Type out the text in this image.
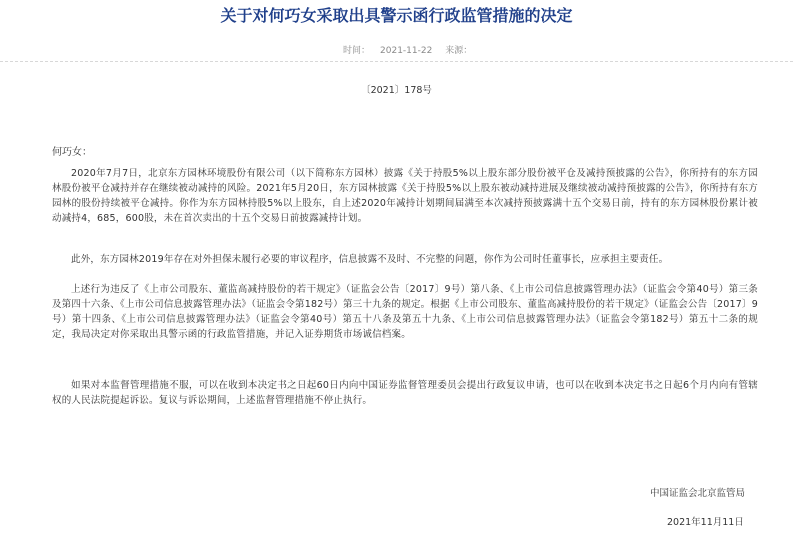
关于对何巧女采取出具警示函行政监管措施的决定
时间： 2021-11-22 来源：
〔2021〕178号
何巧女：

2020年7月7日，北京东方园林环境股份有限公司（以下简称东方园林）披露《关于持股5%以上股东部分股份被平仓及减持预披露的公告》，你所持有的东方园林股份被平仓减持并存在继续被动减持的风险。2021年5月20日，东方园林披露《关于持股5%以上股东被动减持进展及继续被动减持预披露的公告》，你所持有东方园林的股份持续被平仓减持。你作为东方园林持股5%以上股东，自上述2020年减持计划期间届满至本次减持预披露满十五个交易日前，持有的东方园林股份累计被动减持4，685，600股，未在首次卖出的十五个交易日前披露减持计划。

此外，东方园林2019年存在对外担保未履行必要的审议程序，信息披露不及时、不完整的问题，你作为公司时任董事长，应承担主要责任。

上述行为违反了《上市公司股东、董监高减持股份的若干规定》（证监会公告〔2017〕9号）第八条、《上市公司信息披露管理办法》（证监会令第40号）第三条及第四十六条、《上市公司信息披露管理办法》（证监会令第182号）第三十九条的规定。根据《上市公司股东、董监高减持股份的若干规定》（证监会公告〔2017〕9号）第十四条、《上市公司信息披露管理办法》（证监会令第40号）第五十八条及第五十九条、《上市公司信息披露管理办法》（证监会令第182号）第五十二条的规定，我局决定对你采取出具警示函的行政监管措施，并记入证券期货市场诚信档案。

如果对本监督管理措施不服，可以在收到本决定书之日起60日内向中国证券监督管理委员会提出行政复议申请，也可以在收到本决定书之日起6个月内向有管辖权的人民法院提起诉讼。复议与诉讼期间，上述监督管理措施不停止执行。

中国证监会北京监管局
2021年11月11日
